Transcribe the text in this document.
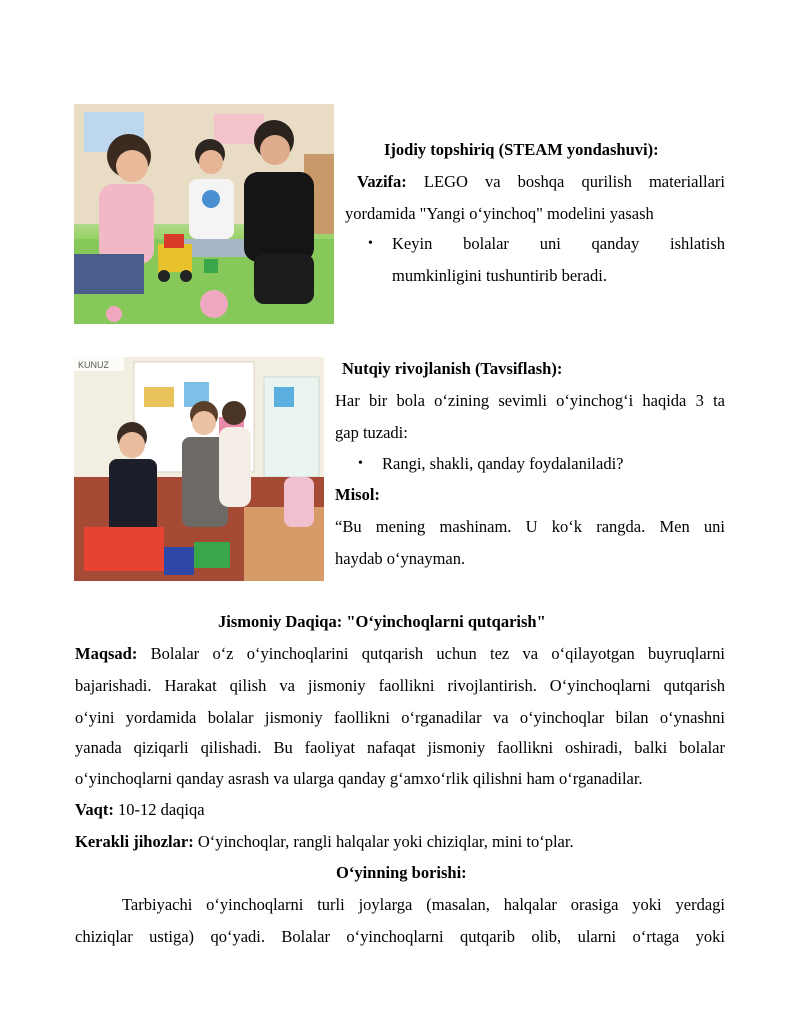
Ijodiy topshiriq (STEAM yondashuvi):
Vazifa: LEGO va boshqa qurilish materiallari
yordamida "Yangi o‘yinchoq" modelini yasash
• Keyin bolalar uni qanday ishlatish
mumkinligini tushuntirib beradi.
KUNUZ	Nutqiy rivojlanish (Tavsiflash):
Har bir bola o‘zining sevimli o‘yinchog‘i haqida 3 ta
gap tuzadi:
• Rangi, shakli, qanday foydalaniladi?
Misol:
“Bu mening mashinam. U ko‘k rangda. Men uni
haydab o‘ynayman.
Jismoniy Daqiqa: "O‘yinchoqlarni qutqarish"
Maqsad: Bolalar o‘z o‘yinchoqlarini qutqarish uchun tez va o‘qilayotgan buyruqlarni
bajarishadi. Harakat qilish va jismoniy faollikni rivojlantirish. O‘yinchoqlarni qutqarish
o‘yini yordamida bolalar jismoniy faollikni o‘rganadilar va o‘yinchoqlar bilan o‘ynashni
yanada qiziqarli qilishadi. Bu faoliyat nafaqat jismoniy faollikni oshiradi, balki bolalar
o‘yinchoqlarni qanday asrash va ularga qanday g‘amxo‘rlik qilishni ham o‘rganadilar.
Vaqt: 10-12 daqiqa
Kerakli jihozlar: O‘yinchoqlar, rangli halqalar yoki chiziqlar, mini to‘plar.
O‘yinning borishi:
Tarbiyachi o‘yinchoqlarni turli joylarga (masalan, halqalar orasiga yoki yerdagi
chiziqlar ustiga) qo‘yadi. Bolalar o‘yinchoqlarni qutqarib olib, ularni o‘rtaga yoki
